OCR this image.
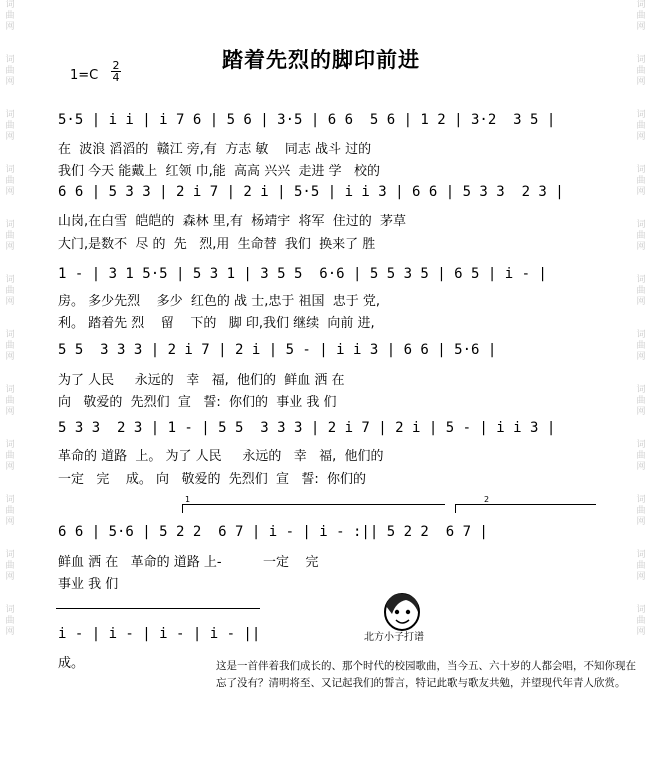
词曲网
词曲网
词曲网
词曲网
词曲网
词曲网
词曲网
词曲网
词曲网
词曲网
词曲网
词曲网
词曲网
词曲网
词曲网
词曲网
词曲网
词曲网
词曲网
词曲网
词曲网
词曲网
词曲网
词曲网
踏着先烈的脚印前进
1=C
2
4
5·5 | i i | i 7 6 | 5 6 | 3·5 | 6 6  5 6 | 1 2 | 3·2  3 5 |
在  波浪 滔滔的  赣江 旁,有  方志 敏    同志 战斗 过的
我们 今天 能戴上  红领 巾,能  高高 兴兴  走进 学   校的
6 6 | 5 3 3 | 2 i 7 | 2 i | 5·5 | i i 3 | 6 6 | 5 3 3  2 3 |
山岗,在白雪  皑皑的  森林 里,有  杨靖宇  将军  住过的  茅草
大门,是数不  尽 的  先   烈,用  生命替  我们  换来了 胜
1 - | 3 1 5·5 | 5 3 1 | 3 5 5  6·6 | 5 5 3 5 | 6 5 | i - |
房。 多少先烈    多少  红色的 战 士,忠于 祖国  忠于 党,
利。 踏着先 烈    留    下的   脚 印,我们 继续  向前 进,
5 5  3 3 3 | 2 i 7 | 2 i | 5 - | i i 3 | 6 6 | 5·6 |
为了 人民     永远的   幸   福,  他们的  鲜血 洒 在
向   敬爱的  先烈们  宣   誓:  你们的  事业 我 们
5 3 3  2 3 | 1 - | 5 5  3 3 3 | 2 i 7 | 2 i | 5 - | i i 3 |
革命的 道路  上。 为了 人民     永远的   幸   福,  他们的
一定   完    成。 向   敬爱的  先烈们  宣   誓:  你们的
1	2
6 6 | 5·6 | 5 2 2  6 7 | i - | i - :|| 5 2 2  6 7 |
鲜血 洒 在   革命的 道路 上-          一定    完
事业 我 们
i - | i - | i - | i - ||
成。
北方小子打谱
这是一首伴着我们成长的、那个时代的校园歌曲，当今五、六十岁的人都会唱，不知你现在忘了没有？清明将至、又记起我们的誓言，特记此歌与歌友共勉，并望现代年青人欣赏。
